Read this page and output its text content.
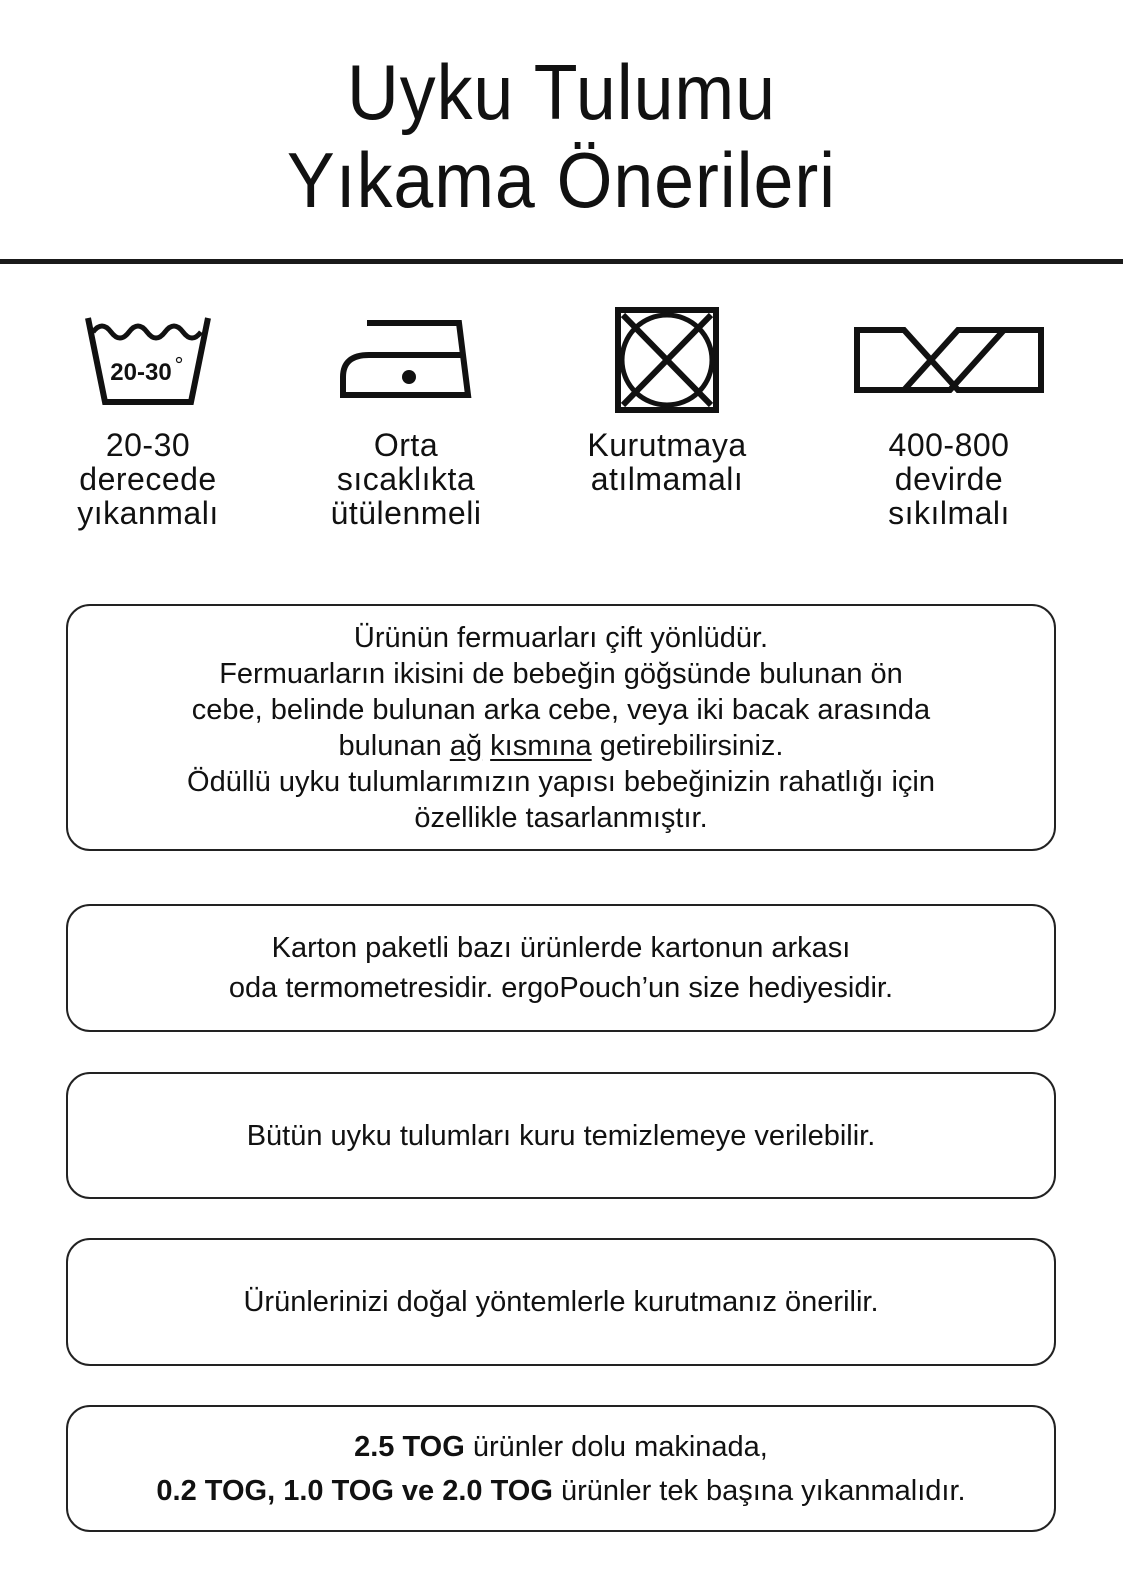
Uyku Tulumu
Yıkama Önerileri
20-30
20-30
derecede
yıkanmalı
Orta
sıcaklıkta
ütülenmeli
Kurutmaya
atılmamalı
400-800
devirde
sıkılmalı
Ürünün fermuarları çift yönlüdür.
Fermuarların ikisini de bebeğin göğsünde bulunan ön
cebe, belinde bulunan arka cebe, veya iki bacak arasında
bulunan ağ kısmına getirebilirsiniz.
Ödüllü uyku tulumlarımızın yapısı bebeğinizin rahatlığı için
özellikle tasarlanmıştır.
Karton paketli bazı ürünlerde kartonun arkası
oda termometresidir. ergoPouch’un size hediyesidir.
Bütün uyku tulumları kuru temizlemeye verilebilir.
Ürünlerinizi doğal yöntemlerle kurutmanız önerilir.
2.5 TOG ürünler dolu makinada,
0.2 TOG, 1.0 TOG ve 2.0 TOG ürünler tek başına yıkanmalıdır.
